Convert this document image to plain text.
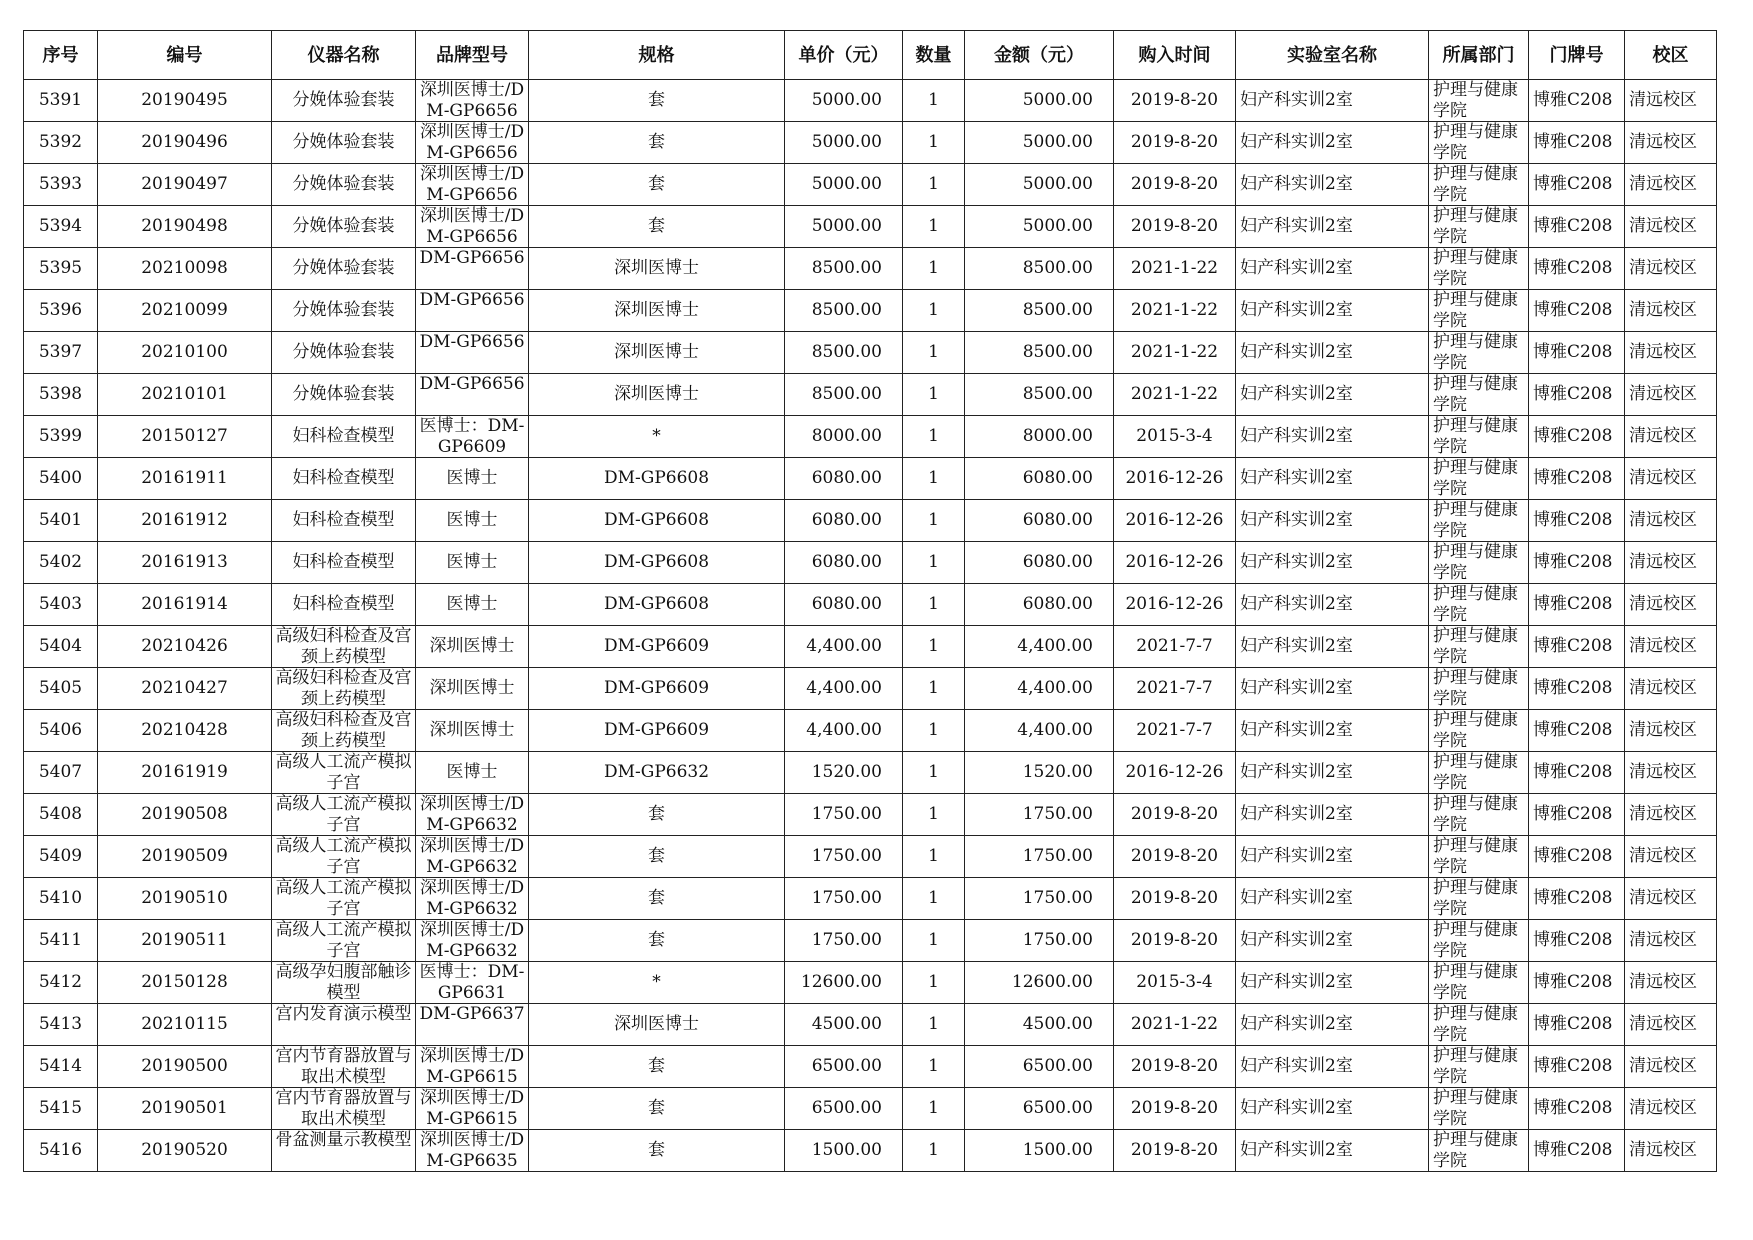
序号	编号	仪器名称	品牌型号	规格	单价（元）	数量	金额（元）	购入时间	实验室名称	所属部门	门牌号	校区
5391	20190495	分娩体验套装	深圳医博士/DM-GP6656	套	5000.00	1	5000.00	2019-8-20	妇产科实训2室	护理与健康学院	博雅C208	清远校区
5392	20190496	分娩体验套装	深圳医博士/DM-GP6656	套	5000.00	1	5000.00	2019-8-20	妇产科实训2室	护理与健康学院	博雅C208	清远校区
5393	20190497	分娩体验套装	深圳医博士/DM-GP6656	套	5000.00	1	5000.00	2019-8-20	妇产科实训2室	护理与健康学院	博雅C208	清远校区
5394	20190498	分娩体验套装	深圳医博士/DM-GP6656	套	5000.00	1	5000.00	2019-8-20	妇产科实训2室	护理与健康学院	博雅C208	清远校区
5395	20210098	分娩体验套装	DM-GP6656	深圳医博士	8500.00	1	8500.00	2021-1-22	妇产科实训2室	护理与健康学院	博雅C208	清远校区
5396	20210099	分娩体验套装	DM-GP6656	深圳医博士	8500.00	1	8500.00	2021-1-22	妇产科实训2室	护理与健康学院	博雅C208	清远校区
5397	20210100	分娩体验套装	DM-GP6656	深圳医博士	8500.00	1	8500.00	2021-1-22	妇产科实训2室	护理与健康学院	博雅C208	清远校区
5398	20210101	分娩体验套装	DM-GP6656	深圳医博士	8500.00	1	8500.00	2021-1-22	妇产科实训2室	护理与健康学院	博雅C208	清远校区
5399	20150127	妇科检查模型	医博士：DM-GP6609	*	8000.00	1	8000.00	2015-3-4	妇产科实训2室	护理与健康学院	博雅C208	清远校区
5400	20161911	妇科检查模型	医博士	DM-GP6608	6080.00	1	6080.00	2016-12-26	妇产科实训2室	护理与健康学院	博雅C208	清远校区
5401	20161912	妇科检查模型	医博士	DM-GP6608	6080.00	1	6080.00	2016-12-26	妇产科实训2室	护理与健康学院	博雅C208	清远校区
5402	20161913	妇科检查模型	医博士	DM-GP6608	6080.00	1	6080.00	2016-12-26	妇产科实训2室	护理与健康学院	博雅C208	清远校区
5403	20161914	妇科检查模型	医博士	DM-GP6608	6080.00	1	6080.00	2016-12-26	妇产科实训2室	护理与健康学院	博雅C208	清远校区
5404	20210426	高级妇科检查及宫颈上药模型	深圳医博士	DM-GP6609	4,400.00	1	4,400.00	2021-7-7	妇产科实训2室	护理与健康学院	博雅C208	清远校区
5405	20210427	高级妇科检查及宫颈上药模型	深圳医博士	DM-GP6609	4,400.00	1	4,400.00	2021-7-7	妇产科实训2室	护理与健康学院	博雅C208	清远校区
5406	20210428	高级妇科检查及宫颈上药模型	深圳医博士	DM-GP6609	4,400.00	1	4,400.00	2021-7-7	妇产科实训2室	护理与健康学院	博雅C208	清远校区
5407	20161919	高级人工流产模拟子宫	医博士	DM-GP6632	1520.00	1	1520.00	2016-12-26	妇产科实训2室	护理与健康学院	博雅C208	清远校区
5408	20190508	高级人工流产模拟子宫	深圳医博士/DM-GP6632	套	1750.00	1	1750.00	2019-8-20	妇产科实训2室	护理与健康学院	博雅C208	清远校区
5409	20190509	高级人工流产模拟子宫	深圳医博士/DM-GP6632	套	1750.00	1	1750.00	2019-8-20	妇产科实训2室	护理与健康学院	博雅C208	清远校区
5410	20190510	高级人工流产模拟子宫	深圳医博士/DM-GP6632	套	1750.00	1	1750.00	2019-8-20	妇产科实训2室	护理与健康学院	博雅C208	清远校区
5411	20190511	高级人工流产模拟子宫	深圳医博士/DM-GP6632	套	1750.00	1	1750.00	2019-8-20	妇产科实训2室	护理与健康学院	博雅C208	清远校区
5412	20150128	高级孕妇腹部触诊模型	医博士：DM-GP6631	*	12600.00	1	12600.00	2015-3-4	妇产科实训2室	护理与健康学院	博雅C208	清远校区
5413	20210115	宫内发育演示模型	DM-GP6637	深圳医博士	4500.00	1	4500.00	2021-1-22	妇产科实训2室	护理与健康学院	博雅C208	清远校区
5414	20190500	宫内节育器放置与取出术模型	深圳医博士/DM-GP6615	套	6500.00	1	6500.00	2019-8-20	妇产科实训2室	护理与健康学院	博雅C208	清远校区
5415	20190501	宫内节育器放置与取出术模型	深圳医博士/DM-GP6615	套	6500.00	1	6500.00	2019-8-20	妇产科实训2室	护理与健康学院	博雅C208	清远校区
5416	20190520	骨盆测量示教模型	深圳医博士/DM-GP6635	套	1500.00	1	1500.00	2019-8-20	妇产科实训2室	护理与健康学院	博雅C208	清远校区
